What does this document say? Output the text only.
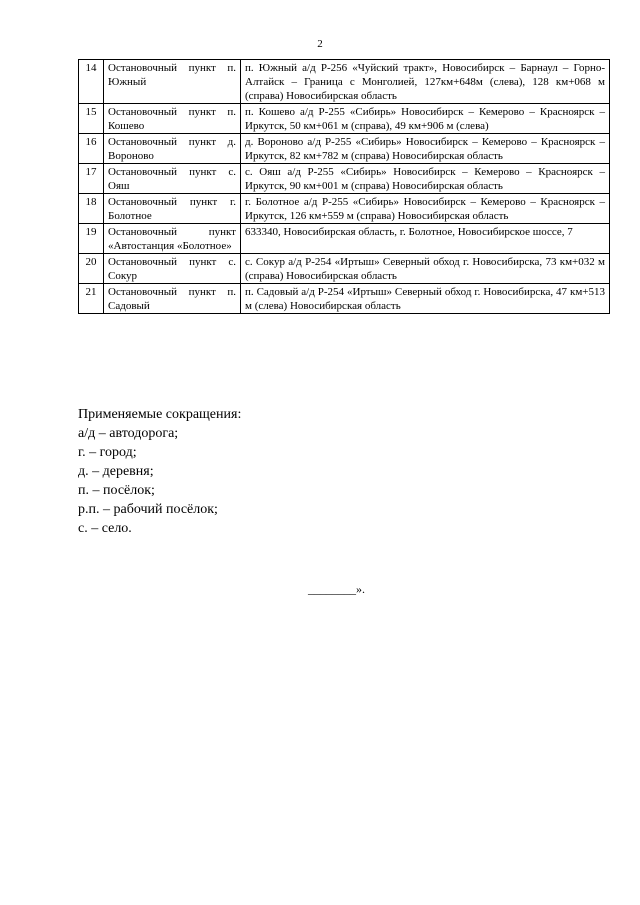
2
14	Остановочный пункт п. Южный	п. Южный а/д Р-256 «Чуйский тракт», Новосибирск – Барнаул – Горно-Алтайск – Граница с Монголией, 127км+648м (слева), 128 км+068 м (справа) Новосибирская область
15	Остановочный пункт п. Кошево	п. Кошево а/д Р-255 «Сибирь» Новосибирск – Кемерово – Красноярск – Иркутск, 50 км+061 м (справа), 49 км+906 м (слева)
16	Остановочный пункт д. Вороново	д. Вороново а/д Р-255 «Сибирь» Новосибирск – Кемерово – Красноярск – Иркутск, 82 км+782 м (справа) Новосибирская область
17	Остановочный пункт с. Ояш	с. Ояш а/д Р-255 «Сибирь» Новосибирск – Кемерово – Красноярск – Иркутск, 90 км+001 м (справа) Новосибирская область
18	Остановочный пункт г. Болотное	г. Болотное а/д Р-255 «Сибирь» Новосибирск – Кемерово – Красноярск – Иркутск, 126 км+559 м (справа) Новосибирская область
19	Остановочный пункт «Автостанция «Болотное»	633340, Новосибирская область, г. Болотное, Новосибирское шоссе, 7
20	Остановочный пункт с. Сокур	с. Сокур а/д Р-254 «Иртыш» Северный обход г. Новосибирска, 73 км+032 м (справа) Новосибирская область
21	Остановочный пункт п. Садовый	п. Садовый а/д Р-254 «Иртыш» Северный обход г. Новосибирска, 47 км+513 м (слева) Новосибирская область
Применяемые сокращения:
а/д – автодорога;
г. – город;
д. – деревня;
п. – посёлок;
р.п. – рабочий посёлок;
с. – село.
________».
